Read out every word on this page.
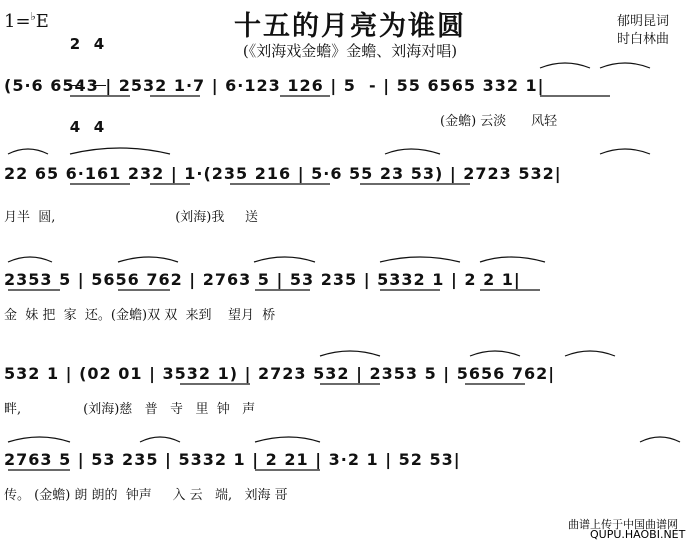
1=♭E

2

4

4

4

十五的月亮为谁圆
(《刘海戏金蟾》金蟾、刘海对唱)
郁明昆词
时白林曲
(5·6 6543 | 2532 1·7 | 6·123 126 | 5  - | 55 6565 332 1|
(金蟾) 云淡      风轻
22 65 6·161 232 | 1·(235 216 | 5·6 55 23 53) | 2723 532|
月半  圆,                             (刘海)我     送
2353 5 | 5656 762 | 2763 5 | 53 235 | 5332 1 | 2 2 1|
金  妹 把  家  还。(金蟾)双 双  来到    望月  桥
532 1 | (02 01 | 3532 1) | 2723 532 | 2353 5 | 5656 762|
畔,               (刘海)慈   普   寺   里  钟   声
2763 5 | 53 235 | 5332 1 | 2 21 | 3·2 1 | 52 53|
传。 (金蟾) 朗 朗的  钟声     入 云   端,   刘海 哥
曲谱上传于中国曲谱网
QUPU.HAOBI.NET
